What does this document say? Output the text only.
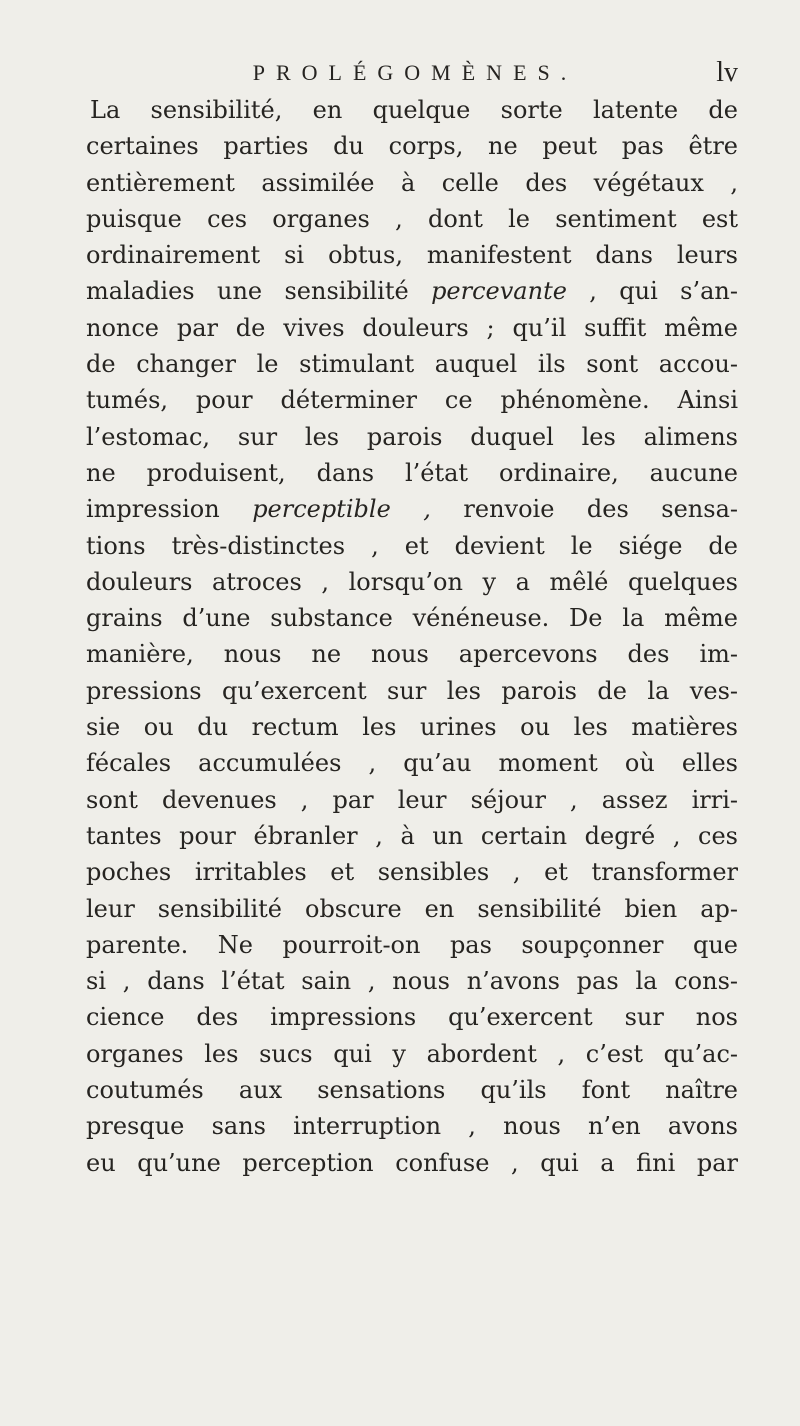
PROLÉGOMÈNES.	lv
La sensibilité, en quelque sorte latente de
certaines parties du corps, ne peut pas être
entièrement assimilée à celle des végétaux ,
puisque ces organes , dont le sentiment est
ordinairement si obtus, manifestent dans leurs
maladies une sensibilité percevante , qui s’an-
nonce par de vives douleurs ; qu’il suffit même
de changer le stimulant auquel ils sont accou-
tumés, pour déterminer ce phénomène. Ainsi
l’estomac, sur les parois duquel les alimens
ne produisent, dans l’état ordinaire, aucune
impression perceptible , renvoie des sensa-
tions très-distinctes , et devient le siége de
douleurs atroces , lorsqu’on y a mêlé quelques
grains d’une substance vénéneuse. De la même
manière, nous ne nous apercevons des im-
pressions qu’exercent sur les parois de la ves-
sie ou du rectum les urines ou les matières
fécales accumulées , qu’au moment où elles
sont devenues , par leur séjour , assez irri-
tantes pour ébranler , à un certain degré , ces
poches irritables et sensibles , et transformer
leur sensibilité obscure en sensibilité bien ap-
parente. Ne pourroit-on pas soupçonner que
si , dans l’état sain , nous n’avons pas la cons-
cience des impressions qu’exercent sur nos
organes les sucs qui y abordent , c’est qu’ac-
coutumés aux sensations qu’ils font naître
presque sans interruption , nous n’en avons
eu qu’une perception confuse , qui a fini par
